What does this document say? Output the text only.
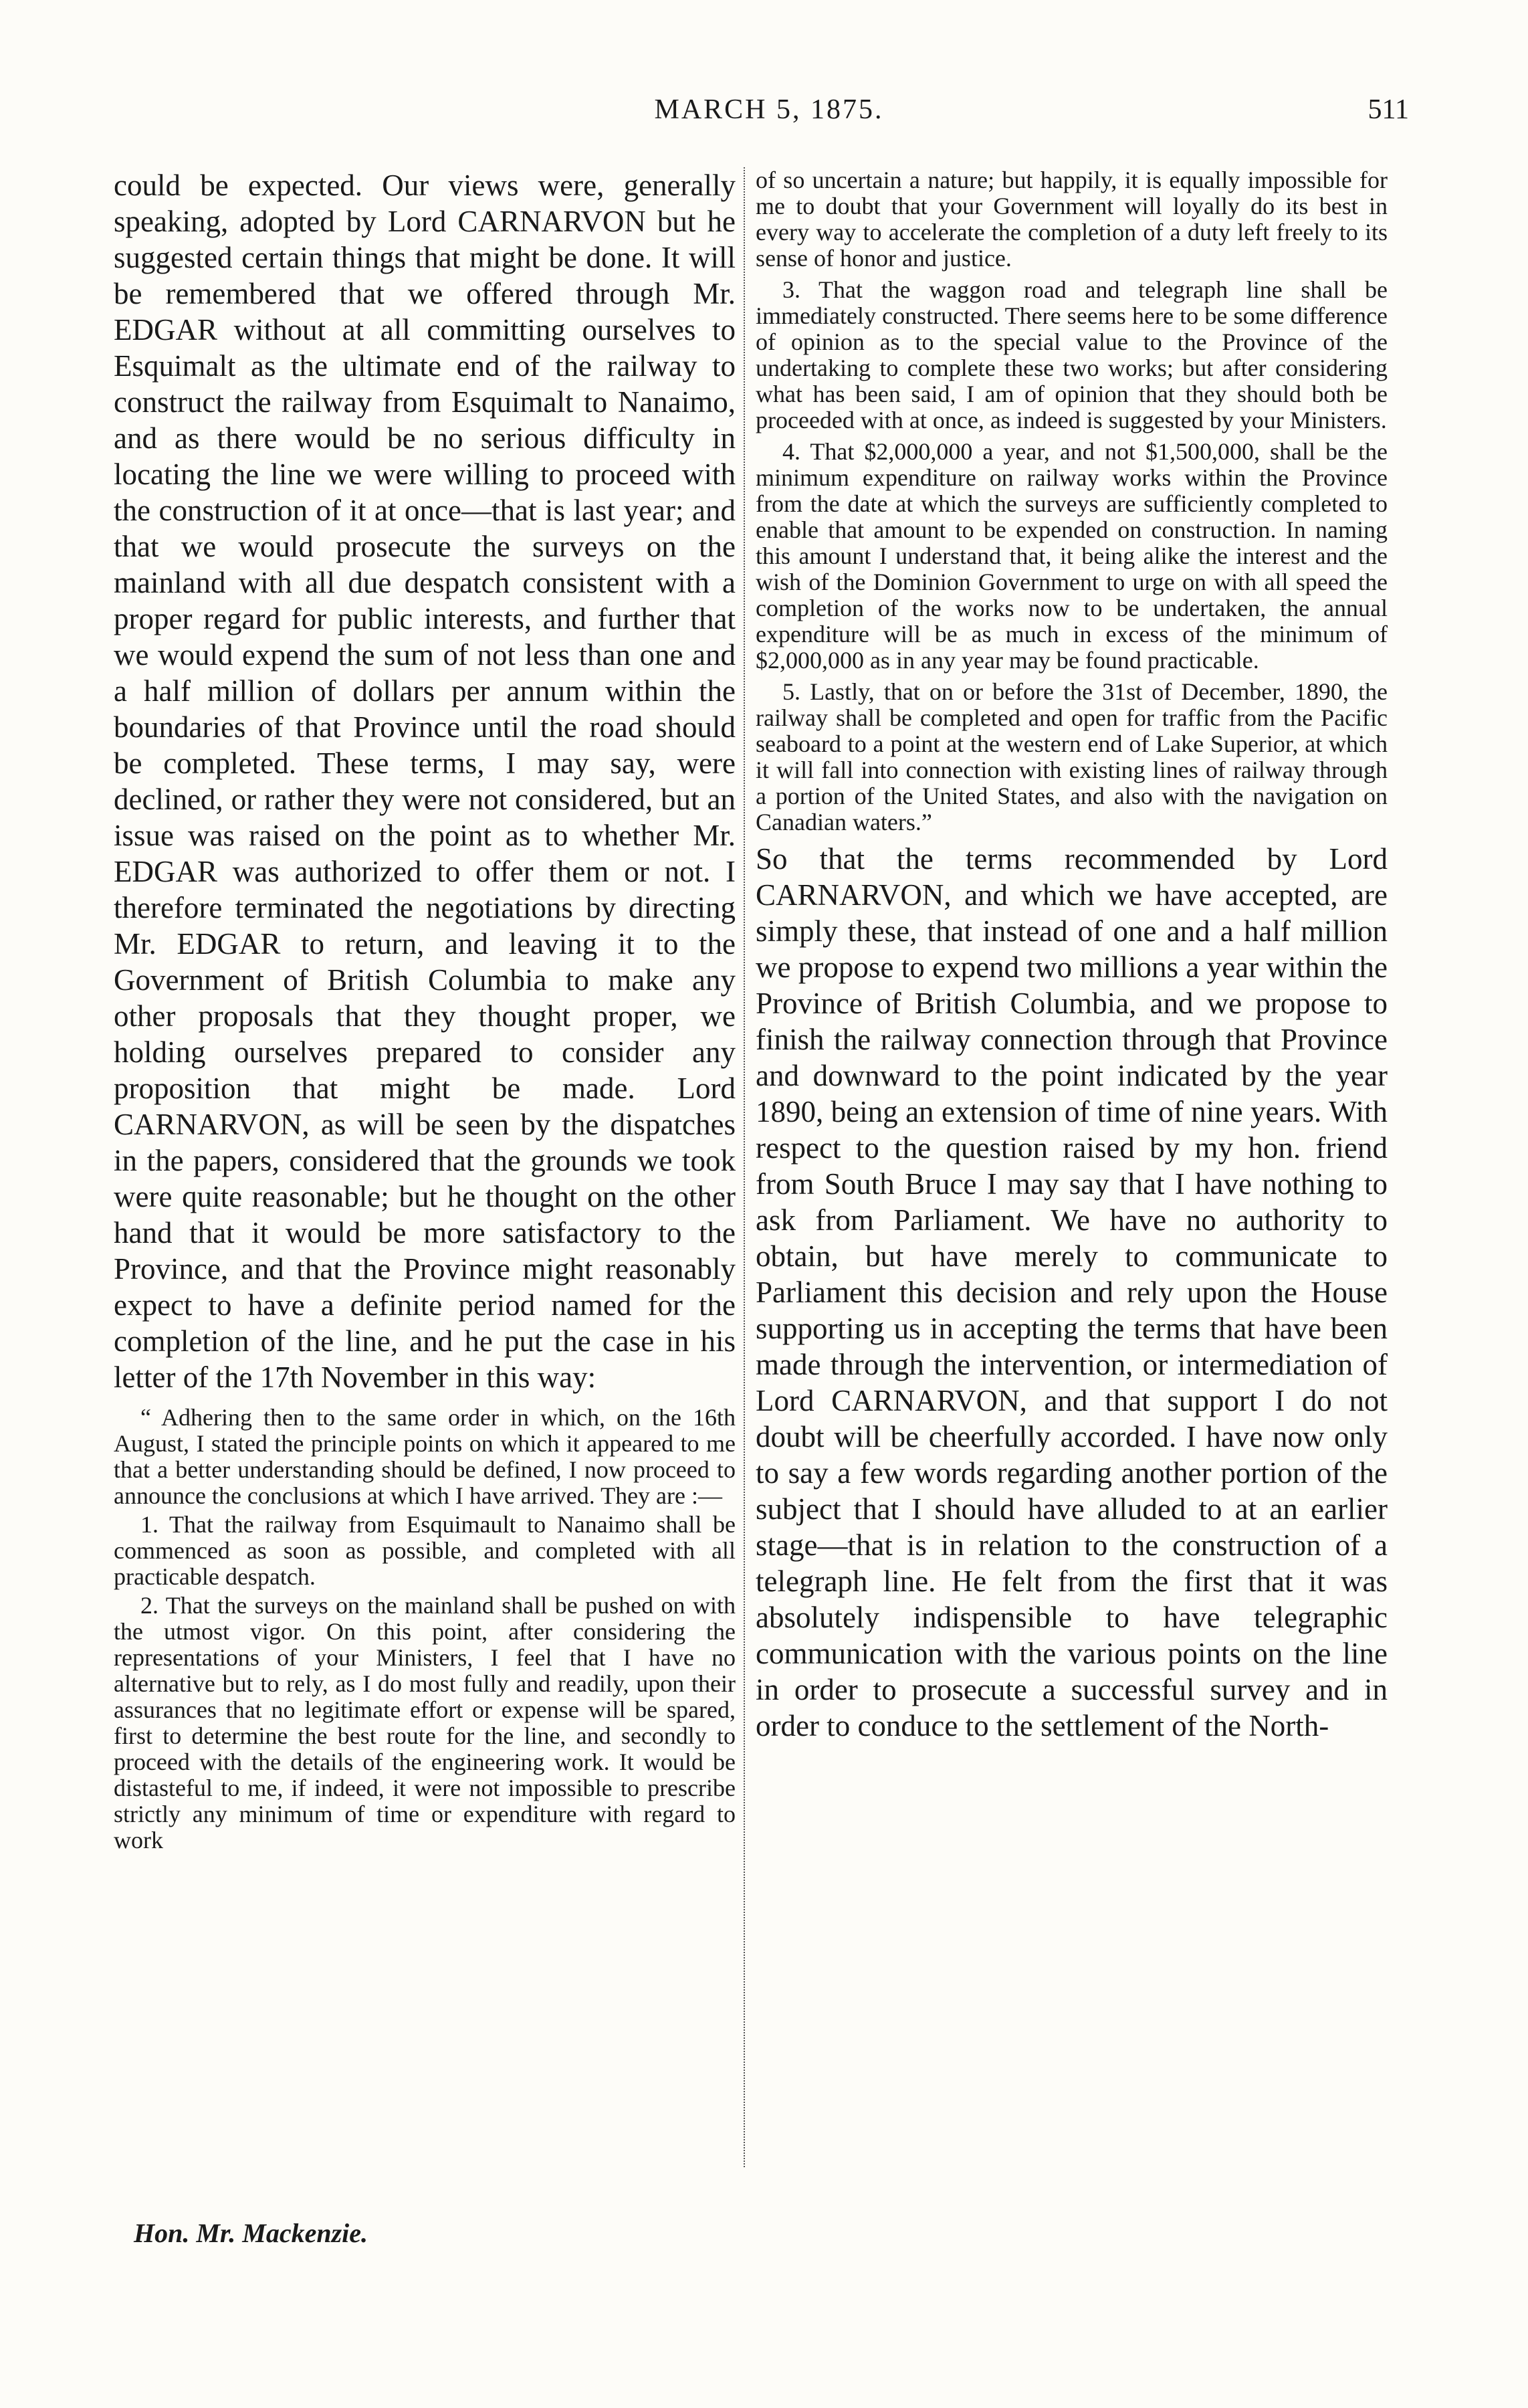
MARCH 5, 1875.	511

could be expected. Our views were, generally speaking, adopted by Lord CARNARVON but he suggested certain things that might be done. It will be remembered that we offered through Mr. EDGAR without at all committing ourselves to Esquimalt as the ultimate end of the railway to construct the railway from Esquimalt to Nanaimo, and as there would be no serious difficulty in locating the line we were willing to proceed with the construction of it at once—that is last year; and that we would prosecute the surveys on the mainland with all due despatch consistent with a proper regard for public interests, and further that we would expend the sum of not less than one and a half million of dollars per annum within the boundaries of that Province until the road should be completed. These terms, I may say, were declined, or rather they were not considered, but an issue was raised on the point as to whether Mr. EDGAR was authorized to offer them or not. I therefore terminated the negotiations by directing Mr. EDGAR to return, and leaving it to the Government of British Columbia to make any other proposals that they thought proper, we holding ourselves prepared to consider any proposition that might be made. Lord CARNARVON, as will be seen by the dispatches in the papers, considered that the grounds we took were quite reasonable; but he thought on the other hand that it would be more satisfactory to the Province, and that the Province might reasonably expect to have a definite period named for the completion of the line, and he put the case in his letter of the 17th November in this way:

“ Adhering then to the same order in which, on the 16th August, I stated the principle points on which it appeared to me that a better understanding should be defined, I now proceed to announce the conclusions at which I have arrived. They are :—

1. That the railway from Esquimault to Nanaimo shall be commenced as soon as possible, and completed with all practicable despatch.

2. That the surveys on the mainland shall be pushed on with the utmost vigor. On this point, after considering the representations of your Ministers, I feel that I have no alternative but to rely, as I do most fully and readily, upon their assurances that no legitimate effort or expense will be spared, first to determine the best route for the line, and secondly to proceed with the details of the engineering work. It would be distasteful to me, if indeed, it were not impossible to prescribe strictly any minimum of time or expenditure with regard to work

of so uncertain a nature; but happily, it is equally impossible for me to doubt that your Government will loyally do its best in every way to accelerate the completion of a duty left freely to its sense of honor and justice.

3. That the waggon road and telegraph line shall be immediately constructed. There seems here to be some difference of opinion as to the special value to the Province of the undertaking to complete these two works; but after considering what has been said, I am of opinion that they should both be proceeded with at once, as indeed is suggested by your Ministers.

4. That $2,000,000 a year, and not $1,500,000, shall be the minimum expenditure on railway works within the Province from the date at which the surveys are sufficiently completed to enable that amount to be expended on construction. In naming this amount I understand that, it being alike the interest and the wish of the Dominion Government to urge on with all speed the completion of the works now to be undertaken, the annual expenditure will be as much in excess of the minimum of $2,000,000 as in any year may be found practicable.

5. Lastly, that on or before the 31st of December, 1890, the railway shall be completed and open for traffic from the Pacific seaboard to a point at the western end of Lake Superior, at which it will fall into connection with existing lines of railway through a portion of the United States, and also with the navigation on Canadian waters.”

So that the terms recommended by Lord CARNARVON, and which we have accepted, are simply these, that instead of one and a half million we propose to expend two millions a year within the Province of British Columbia, and we propose to finish the railway connection through that Province and downward to the point indicated by the year 1890, being an extension of time of nine years. With respect to the question raised by my hon. friend from South Bruce I may say that I have nothing to ask from Parliament. We have no authority to obtain, but have merely to communicate to Parliament this decision and rely upon the House supporting us in accepting the terms that have been made through the intervention, or intermediation of Lord CARNARVON, and that support I do not doubt will be cheerfully accorded. I have now only to say a few words regarding another portion of the subject that I should have alluded to at an earlier stage—that is in relation to the construction of a telegraph line. He felt from the first that it was absolutely indispensible to have telegraphic communication with the various points on the line in order to prosecute a successful survey and in order to conduce to the settlement of the North-

Hon. Mr. Mackenzie.
